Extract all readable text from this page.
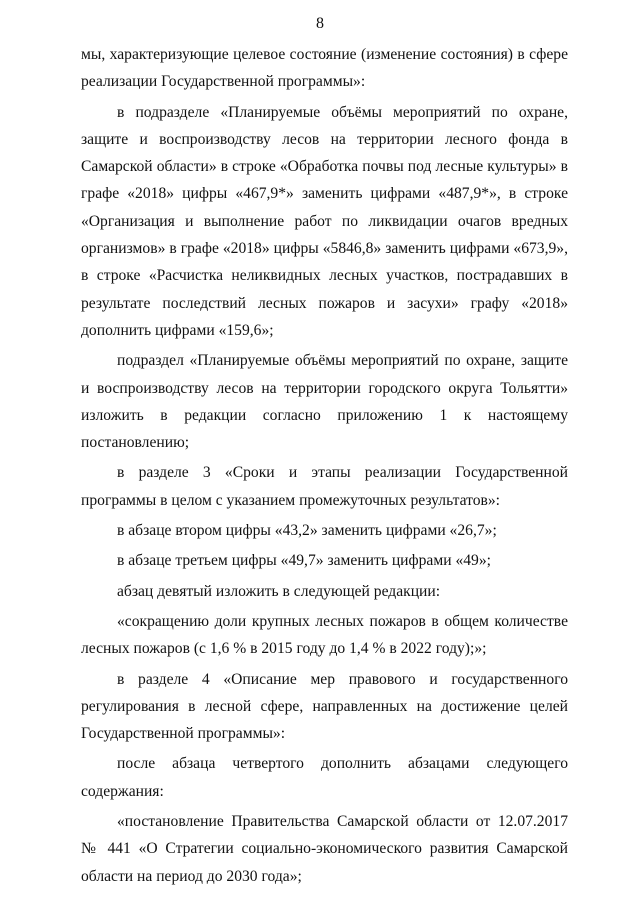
8

мы, характеризующие целевое состояние (изменение состояния) в сфере реализации Государственной программы»:

в подразделе «Планируемые объёмы мероприятий по охране, защите и воспроизводству лесов на территории лесного фонда в Самарской области» в строке «Обработка почвы под лесные культуры» в графе «2018» цифры «467,9*» заменить цифрами «487,9*», в строке «Организация и выполнение работ по ликвидации очагов вредных организмов» в графе «2018» цифры «5846,8» заменить цифрами «673,9», в строке «Расчистка неликвидных лесных участков, пострадавших в результате последствий лесных пожаров и засухи» графу «2018» дополнить цифрами «159,6»;

подраздел «Планируемые объёмы мероприятий по охране, защите и воспроизводству лесов на территории городского округа Тольятти» изложить в редакции согласно приложению 1 к настоящему постановлению;

в разделе 3 «Сроки и этапы реализации Государственной программы в целом с указанием промежуточных результатов»:

в абзаце втором цифры «43,2» заменить цифрами «26,7»;

в абзаце третьем цифры «49,7» заменить цифрами «49»;

абзац девятый изложить в следующей редакции:

«сокращению доли крупных лесных пожаров в общем количестве лесных пожаров (с 1,6 % в 2015 году до 1,4 % в 2022 году);»;

в разделе 4 «Описание мер правового и государственного регулирования в лесной сфере, направленных на достижение целей Государственной программы»:

после абзаца четвертого дополнить абзацами следующего содержания:

«постановление Правительства Самарской области от 12.07.2017 № 441 «О Стратегии социально-экономического развития Самарской области на период до 2030 года»;
